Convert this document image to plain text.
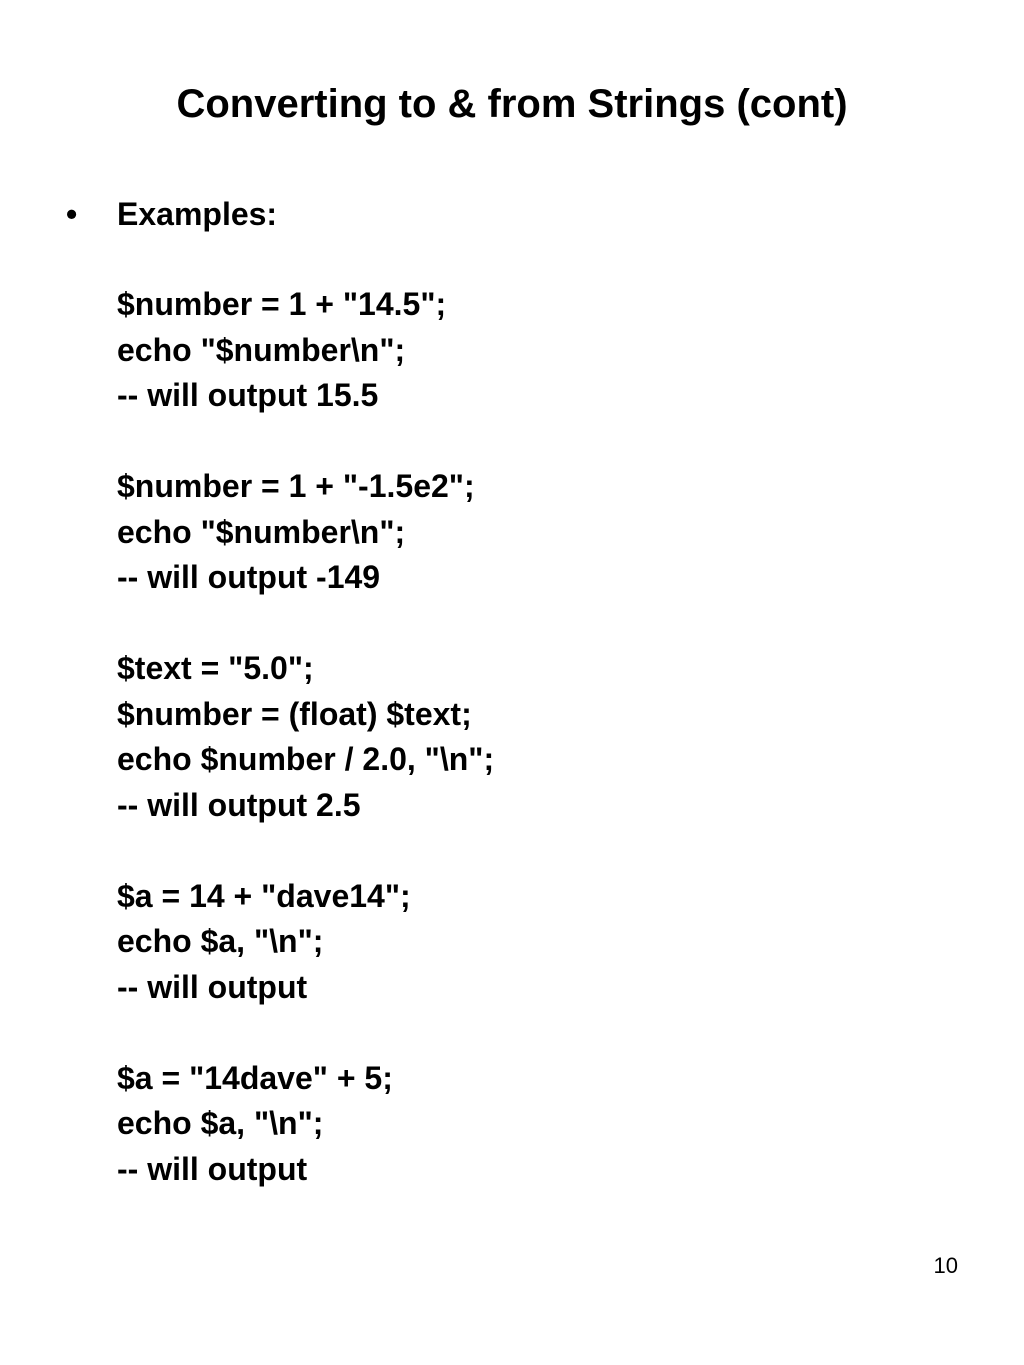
Converting to & from Strings (cont)
• Examples:
$number = 1 + "14.5";
echo "$number\n";
-- will output 15.5
$number = 1 + "-1.5e2";
echo "$number\n";
-- will output -149
$text = "5.0";
$number = (float) $text;
echo $number / 2.0, "\n";
-- will output 2.5
$a = 14 + "dave14";
echo $a, "\n";
-- will output
$a = "14dave" + 5;
echo $a, "\n";
-- will output
10
